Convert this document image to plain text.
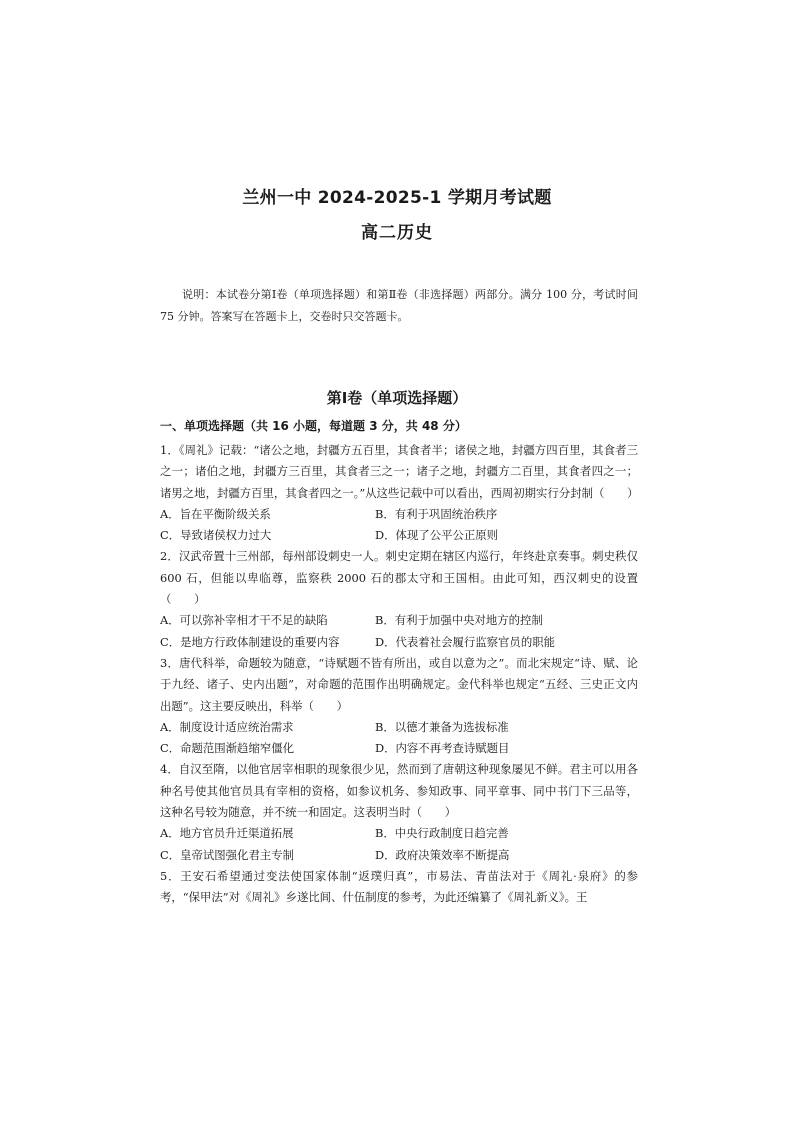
兰州一中 2024-2025-1 学期月考试题
高二历史
说明：本试卷分第Ⅰ卷（单项选择题）和第Ⅱ卷（非选择题）两部分。满分 100 分，考试时间 75 分钟。答案写在答题卡上，交卷时只交答题卡。
第Ⅰ卷（单项选择题）
一、单项选择题（共 16 小题，每道题 3 分，共 48 分）

1．《周礼》记载：“诸公之地，封疆方五百里，其食者半；诸侯之地，封疆方四百里，其食者三之一；诸伯之地，封疆方三百里，其食者三之一；诸子之地，封疆方二百里，其食者四之一；诸男之地，封疆方百里，其食者四之一。”从这些记载中可以看出，西周初期实行分封制（　　）

A．旨在平衡阶级关系	B．有利于巩固统治秩序
C．导致诸侯权力过大	D．体现了公平公正原则

2．汉武帝置十三州部，每州部设刺史一人。刺史定期在辖区内巡行，年终赴京奏事。刺史秩仅 600 石，但能以卑临尊，监察秩 2000 石的郡太守和王国相。由此可知，西汉刺史的设置（　　）

A．可以弥补宰相才干不足的缺陷	B．有利于加强中央对地方的控制
C．是地方行政体制建设的重要内容	D．代表着社会履行监察官员的职能

3．唐代科举，命题较为随意，“诗赋题不皆有所出，或自以意为之”。而北宋规定“诗、赋、论于九经、诸子、史内出题”，对命题的范围作出明确规定。金代科举也规定“五经、三史正文内出题”。这主要反映出，科举（　　）

A．制度设计适应统治需求	B．以德才兼备为选拔标准
C．命题范围渐趋缩窄僵化	D．内容不再考查诗赋题目

4．自汉至隋，以他官居宰相职的现象很少见，然而到了唐朝这种现象屡见不鲜。君主可以用各种名号使其他官员具有宰相的资格，如参议机务、参知政事、同平章事、同中书门下三品等，这种名号较为随意，并不统一和固定。这表明当时（　　）

A．地方官员升迁渠道拓展	B．中央行政制度日趋完善
C．皇帝试图强化君主专制	D．政府决策效率不断提高

5．王安石希望通过变法使国家体制“返璞归真”，市易法、青苗法对于《周礼·泉府》的参考，“保甲法”对《周礼》乡遂比闾、什伍制度的参考，为此还编纂了《周礼新义》。王
